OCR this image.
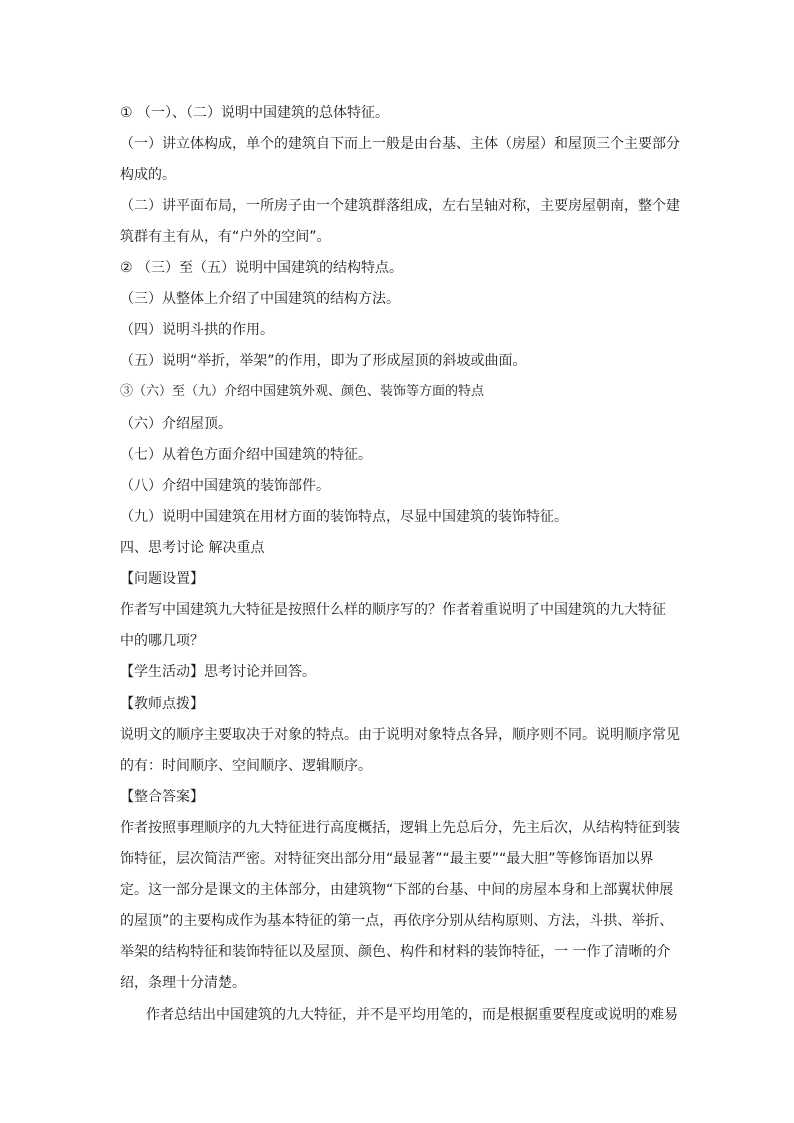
① （一）、（二）说明中国建筑的总体特征。
（一）讲立体构成，单个的建筑自下而上一般是由台基、主体（房屋）和屋顶三个主要部分
构成的。
（二）讲平面布局，一所房子由一个建筑群落组成，左右呈轴对称，主要房屋朝南，整个建
筑群有主有从，有“户外的空间”。
② （三）至（五）说明中国建筑的结构特点。
（三）从整体上介绍了中国建筑的结构方法。
（四）说明斗拱的作用。
（五）说明“举折，举架”的作用，即为了形成屋顶的斜坡或曲面。
③（六）至（九）介绍中国建筑外观、颜色、装饰等方面的特点
（六）介绍屋顶。
（七）从着色方面介绍中国建筑的特征。
（八）介绍中国建筑的装饰部件。
（九）说明中国建筑在用材方面的装饰特点，尽显中国建筑的装饰特征。
四、思考讨论 解决重点
【问题设置】
作者写中国建筑九大特征是按照什么样的顺序写的？作者着重说明了中国建筑的九大特征
中的哪几项？
【学生活动】思考讨论并回答。
【教师点拨】
说明文的顺序主要取决于对象的特点。由于说明对象特点各异，顺序则不同。说明顺序常见
的有：时间顺序、空间顺序、逻辑顺序。
【整合答案】
作者按照事理顺序的九大特征进行高度概括，逻辑上先总后分，先主后次，从结构特征到装
饰特征，层次简洁严密。对特征突出部分用“最显著”“最主要”“最大胆”等修饰语加以界
定。这一部分是课文的主体部分，由建筑物“下部的台基、中间的房屋本身和上部翼状伸展
的屋顶”的主要构成作为基本特征的第一点，再依序分别从结构原则、方法，斗拱、举折、
举架的结构特征和装饰特征以及屋顶、颜色、构件和材料的装饰特征，一 一作了清晰的介
绍，条理十分清楚。
作者总结出中国建筑的九大特征，并不是平均用笔的，而是根据重要程度或说明的难易
